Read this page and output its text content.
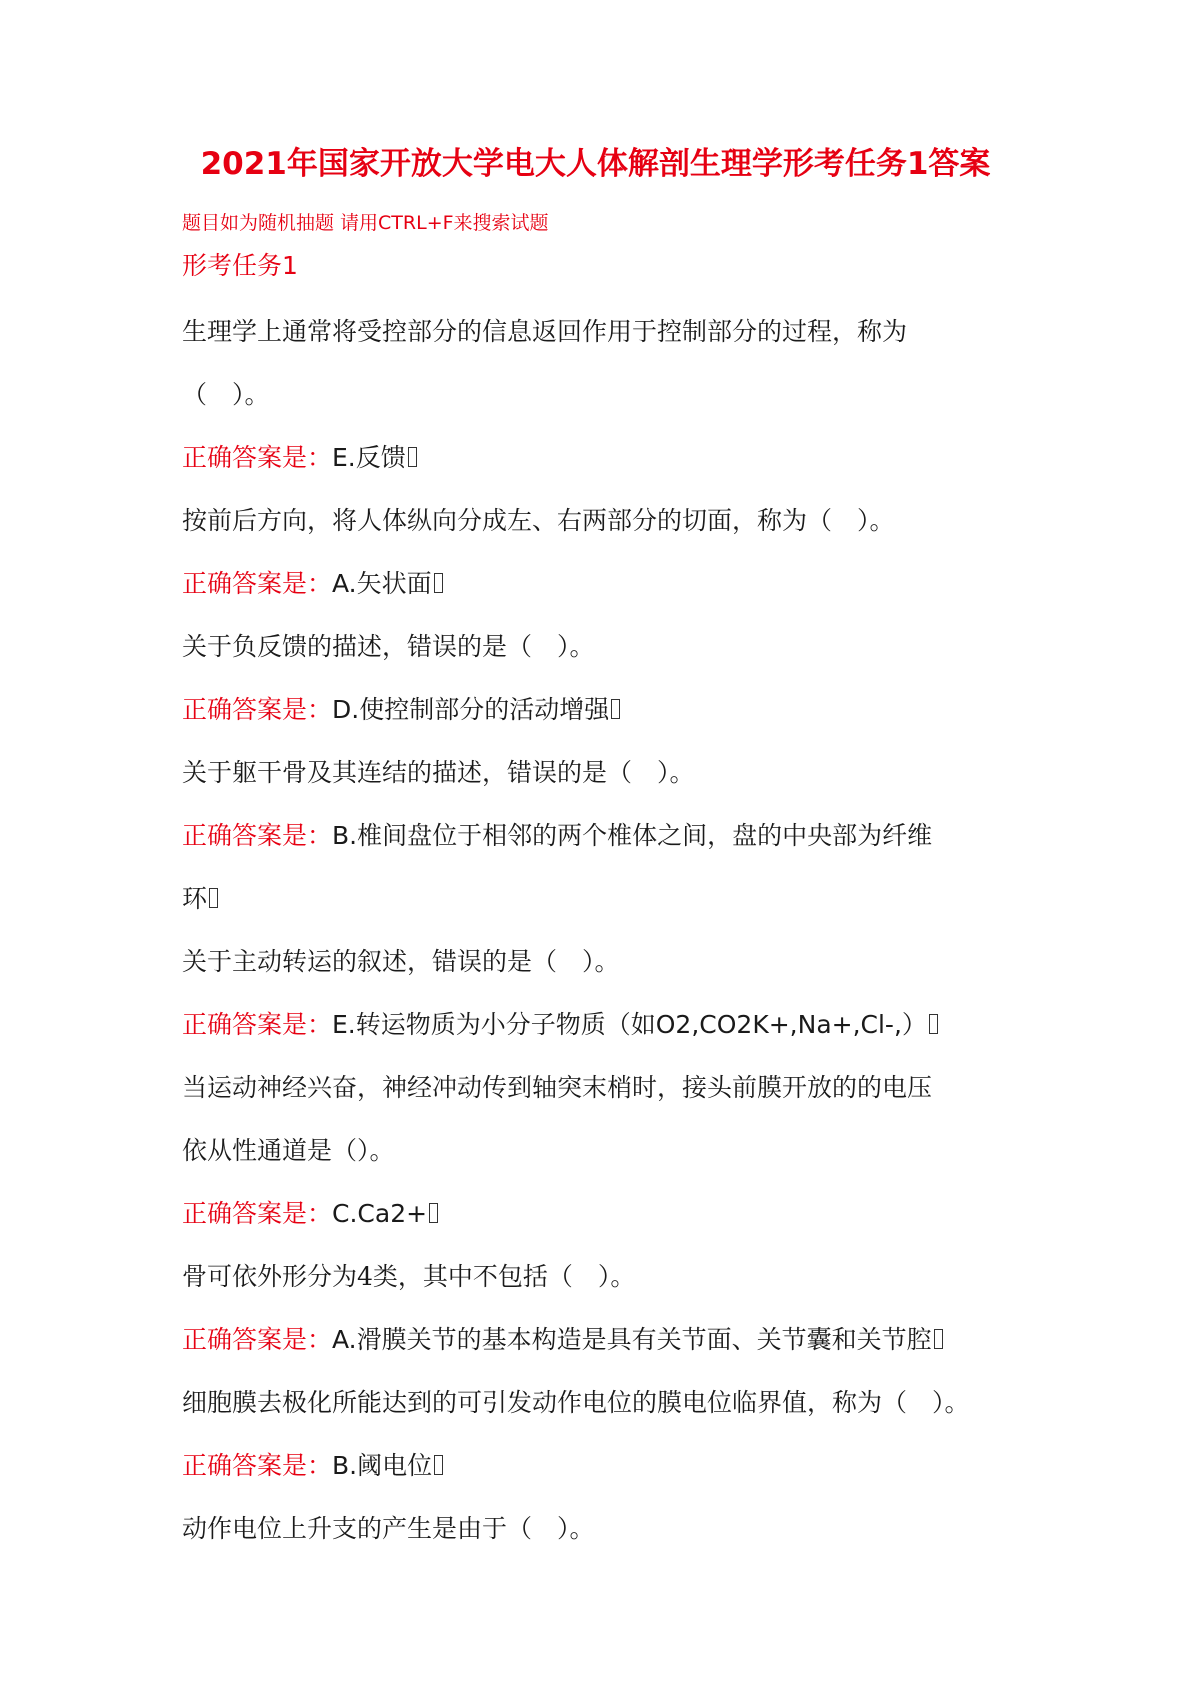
2021年国家开放大学电大人体解剖生理学形考任务1答案
题目如为随机抽题 请用CTRL+F来搜索试题
形考任务1

生理学上通常将受控部分的信息返回作用于控制部分的过程，称为

（　）。

正确答案是：E.反馈

按前后方向，将人体纵向分成左、右两部分的切面，称为（　）。

正确答案是：A.矢状面

关于负反馈的描述，错误的是（　）。

正确答案是：D.使控制部分的活动增强

关于躯干骨及其连结的描述，错误的是（　）。

正确答案是：B.椎间盘位于相邻的两个椎体之间，盘的中央部为纤维

环

关于主动转运的叙述，错误的是（　）。

正确答案是：E.转运物质为小分子物质（如O2,CO2K+,Na+,Cl-,）

当运动神经兴奋，神经冲动传到轴突末梢时，接头前膜开放的的电压

依从性通道是（）。

正确答案是：C.Ca2+

骨可依外形分为4类，其中不包括（　）。

正确答案是：A.滑膜关节的基本构造是具有关节面、关节囊和关节腔

细胞膜去极化所能达到的可引发动作电位的膜电位临界值，称为（　）。

正确答案是：B.阈电位

动作电位上升支的产生是由于（　）。
